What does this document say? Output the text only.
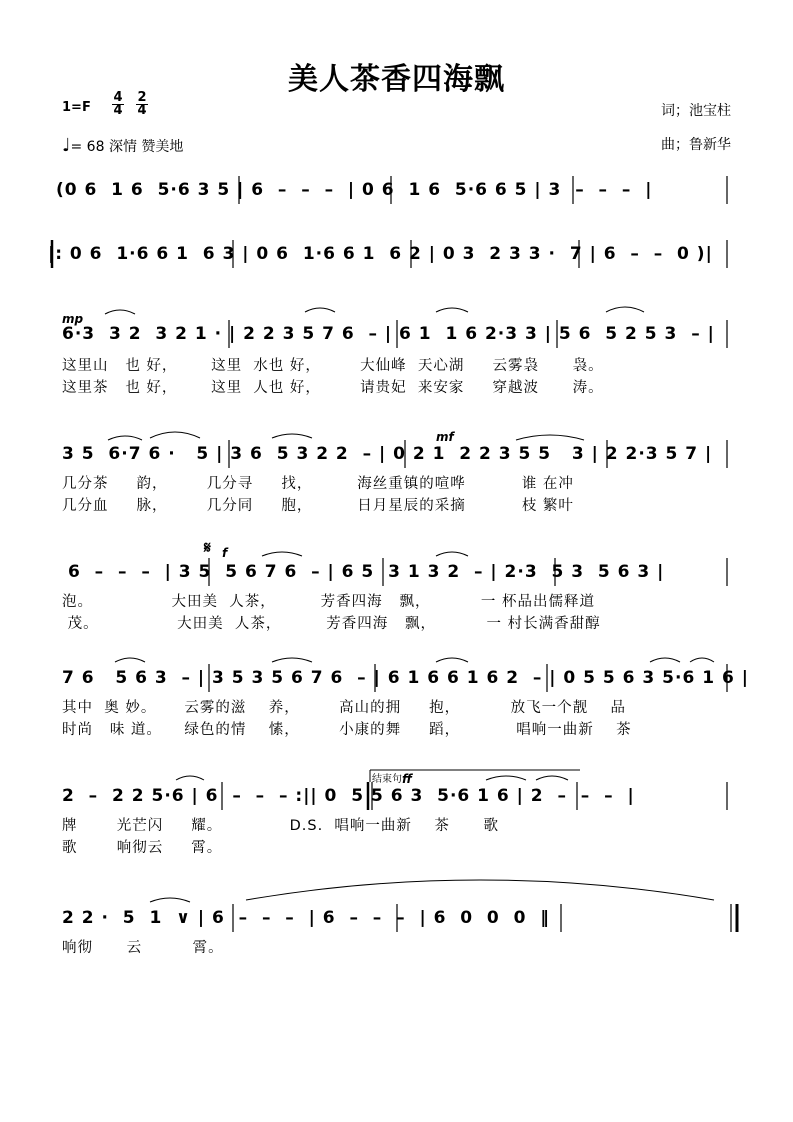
美人茶香四海飘
1=F
4
4
2
4
♩= 68 深情 赞美地
词；池宝柱
曲；鲁新华
(0 6  1 6  5·6 3 5 | 6  –  –  –  | 0 6  1 6  5·6 6 5 | 3  –  –  –  |
|: 0 6  1·6 6 1  6 3 | 0 6  1·6 6 1  6 2 | 0 3  2 3 3 ·  7 | 6  –  –  0 )|
6·3  3 2  3 2 1 · | 2 2 3 5 7 6  – | 6 1  1 6 2·3 3 | 5 6  5 2 5 3  – |
这里山   也 好，      这里  水也 好，       大仙峰  天心湖     云雾袅      袅。
这里茶   也 好，      这里  人也 好，       请贵妃  来安家     穿越波      涛。
3 5  6·7 6 ·   5 | 3 6  5 3 2 2  – | 0 2 1  2 2 3 5 5   3 | 2 2·3 5 7 |
几分茶     韵，       几分寻     找，        海丝重镇的喧哗          谁 在冲
几分血     脉，       几分同     胞，        日月星辰的采摘          枝 繁叶
6  –  –  –  | 3 5  5 6 7 6  – | 6 5  3 1 3 2  – | 2·3  5 3  5 6 3 |
泡。              大田美  人茶，        芳香四海   飘，         一 杯品出儒释道
茂。              大田美  人茶，        芳香四海   飘，         一 村长满香甜醇
7 6   5 6 3  – | 3 5 3 5 6 7 6  – | 6 1 6 6 1 6 2  – | 0 5 5 6 3 5·6 1 6 |
其中  奥 妙。     云雾的滋    养，       高山的拥     抱，         放飞一个靓    品
时尚   味 道。    绿色的情    愫，       小康的舞     蹈，          唱响一曲新    茶
2  –  2 2 5·6 | 6  –  –  – :|| 0  5 5 6 3  5·6 1 6 | 2  –  –  –  |
牌       光芒闪     耀。            D.S.  唱响一曲新    茶      歌
歌       响彻云     霄。
2 2 ·  5  1  ∨ | 6  –  –  –  | 6  –  –  –  | 6  0  0  0  ‖
响彻      云         霄。
mp
mf
𝄋 f
结束句 ff
